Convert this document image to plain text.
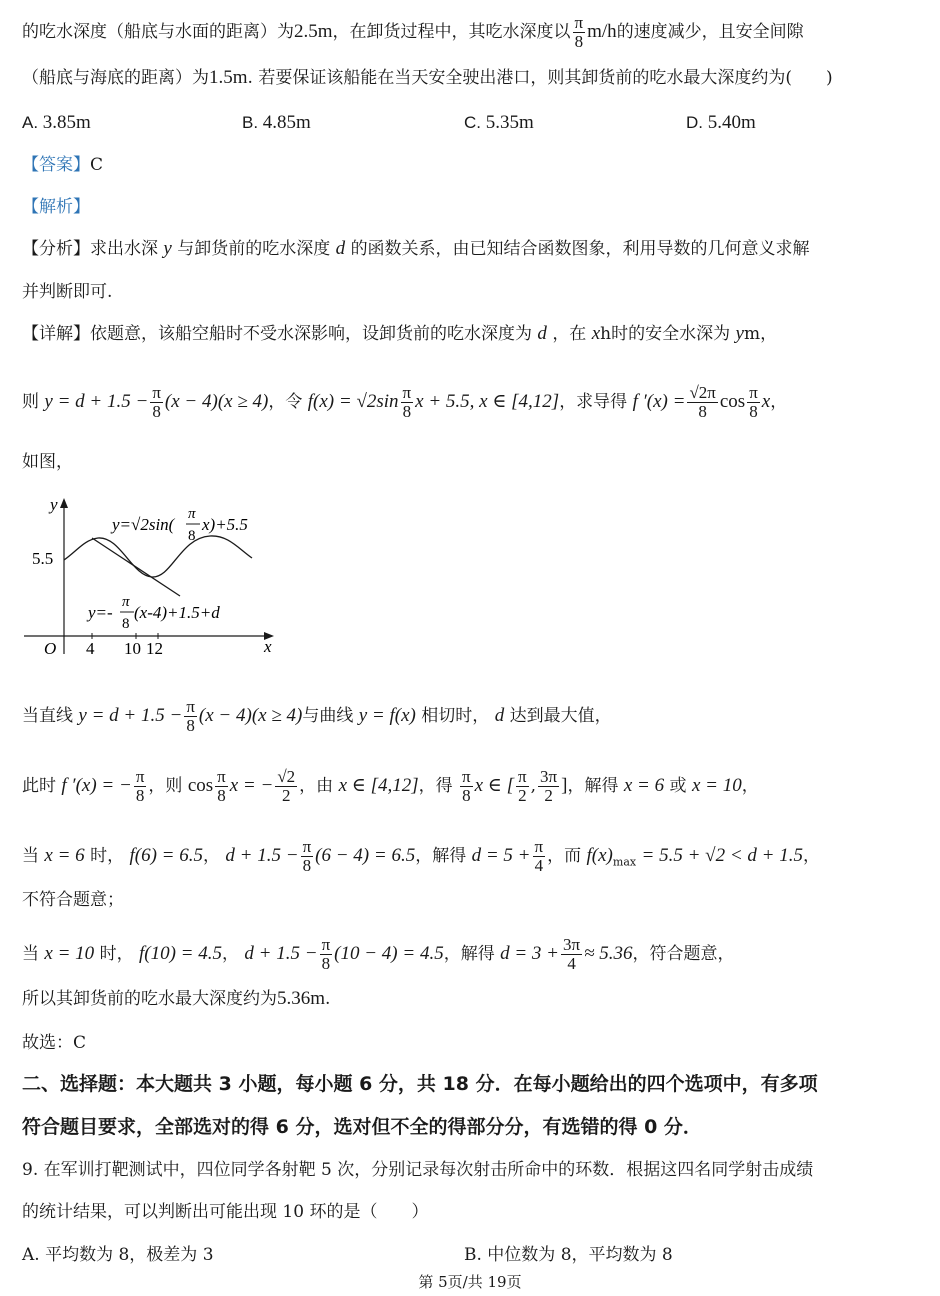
的吃水深度（船底与水面的距离）为2.5m，在卸货过程中，其吃水深度以 $\frac{\pi}{8} m/h$的速度减少，且安全间隙
（船底与海底的距离）为1.5m. 若要保证该船能在当天安全驶出港口，则其卸货前的吃水最大深度约为(　　)
A. 3.85m	B. 4.85m	C. 5.35m	D. 5.40m
【答案】C
【解析】
【分析】求出水深 y 与卸货前的吃水深度 d 的函数关系，由已知结合函数图象，利用导数的几何意义求解
并判断即可.
【详解】依题意，该船空船时不受水深影响，设卸货前的吃水深度为 d ，在 xh时的安全水深为 ym，
则 $y = d + 1.5 - \frac{\pi}{8} (x - 4)(x \ge 4)$，令 $f(x) = √2\sin \frac{\pi}{8}$ x + 5.5, x ∈ [4,12]，求导得 f $'(x) = \frac{√2\pi}{8}$ $\cos \frac{\pi}{8}$ x，
如图，
y
x
O
5.5
4 10 12
y=√2sin(
π
8
x)+5.5
y=-
π
8
(x-4)+1.5+d
当直线 $y = d + 1.5 - \frac{\pi}{8} (x - 4)(x \ge 4)$与曲线 y = f(x) 相切时， d 达到最大值，
此时 f ′(x) = − $\frac{\pi}{8}$ ，则 $\cos \frac{\pi}{8}$ x = − $\frac{√2}{2}$ ，由 x ∈ [4,12]，得 $\frac{\pi}{8}$ x ∈ [ $\frac{\pi}{2}$ , $\frac{3\pi}{2}$ ]，解得 x = 6 或 x = 10，
当 x = 6 时， f(6) = 6.5， $d + 1.5 - \frac{\pi}{8} (6 - 4) = 6.5$，解得 $d = 5 + \frac{\pi}{4}$ ，而 $f(x)_{max} = 5.5 + √2 < d + 1.5$，
不符合题意；
当 x = 10 时， f(10) = 4.5， $d + 1.5 - \frac{\pi}{8} (10 - 4) = 4.5$，解得 $d = 3 + \frac{3\pi}{4} \approx 5.36$，符合题意，
所以其卸货前的吃水最大深度约为5.36m.
故选：C
二、选择题：本大题共 3 小题，每小题 6 分，共 18 分．在每小题给出的四个选项中，有多项
符合题目要求，全部选对的得 6 分，选对但不全的得部分分，有选错的得 0 分．
9. 在军训打靶测试中，四位同学各射靶 5 次，分别记录每次射击所命中的环数．根据这四名同学射击成绩
的统计结果，可以判断出可能出现 10 环的是（　　）
A. 平均数为 8，极差为 3	B. 中位数为 8，平均数为 8
第 5页/共 19页
